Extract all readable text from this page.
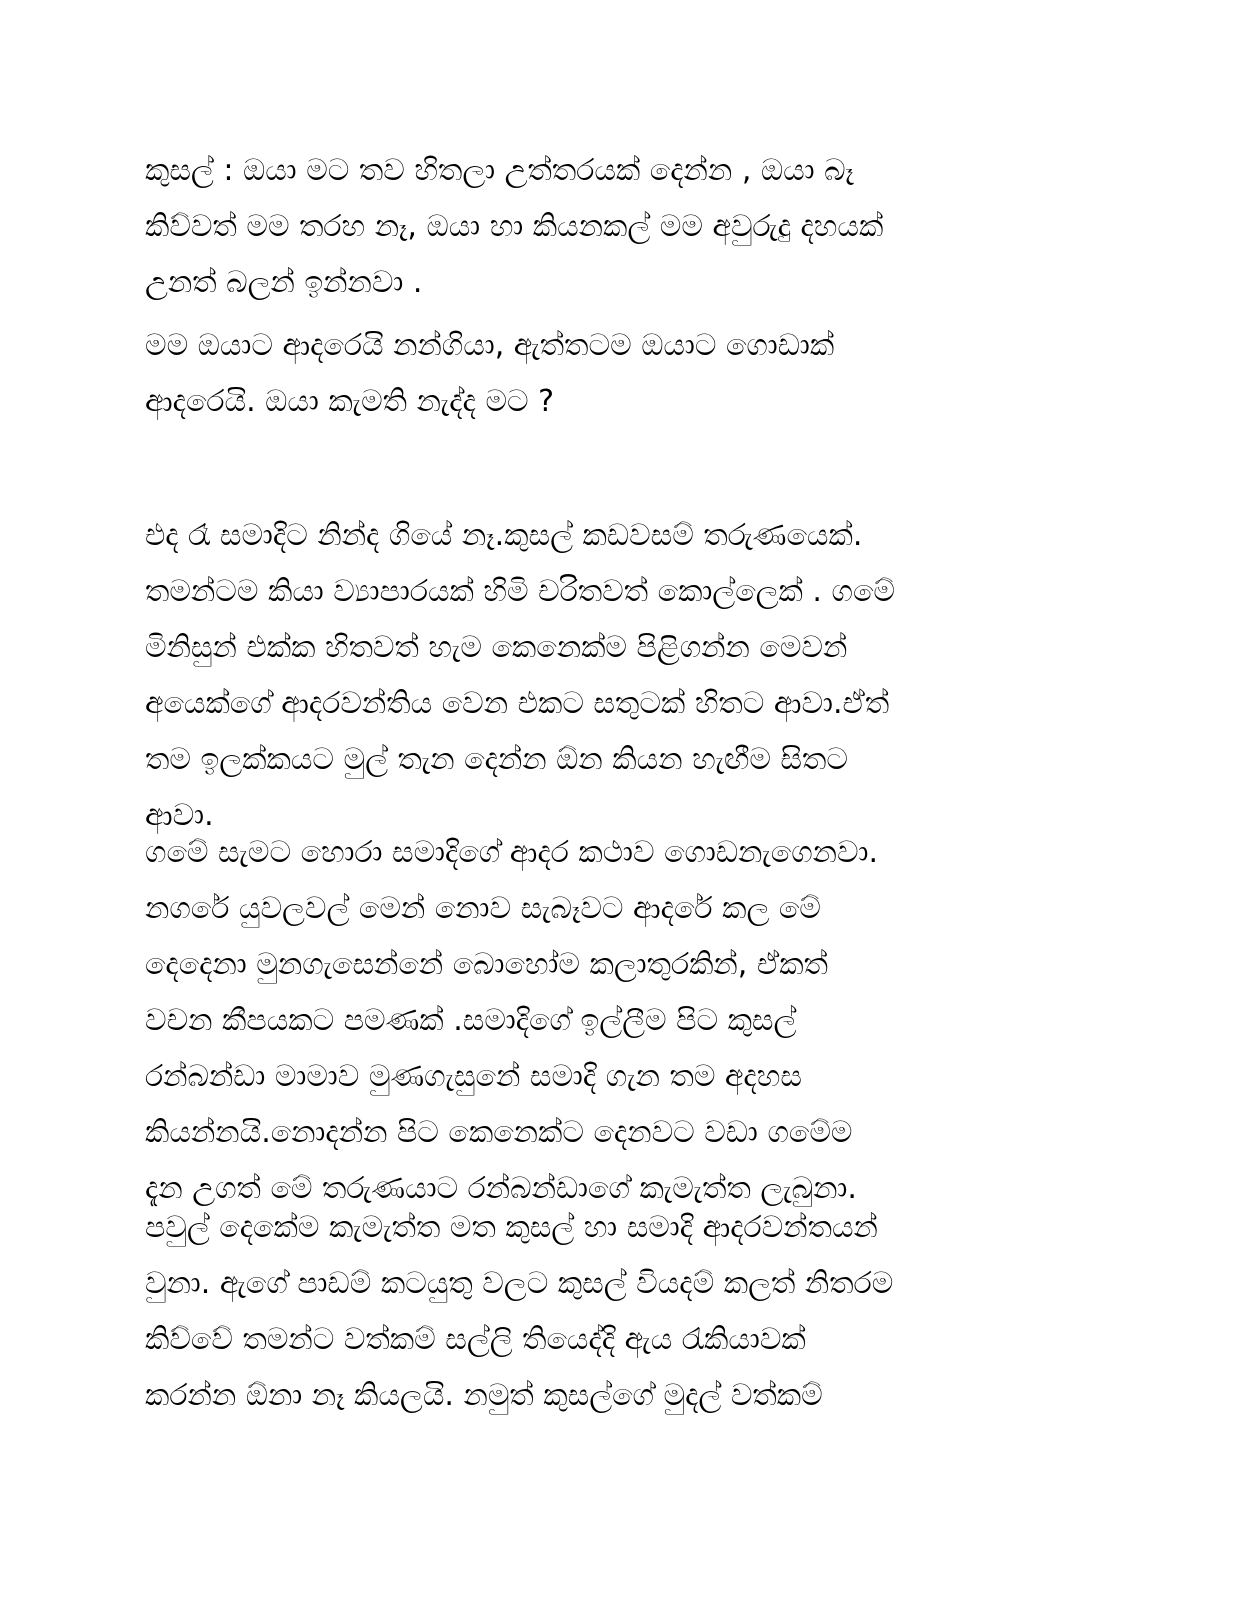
කුසල් : ඔයා මට තව හිතලා උත්තරයක් දෙන්න , ඔයා බෑ
කිව්වත් මම තරහ නෑ, ඔයා හා කියනකල් මම අවුරුදු දහයක්
උනත් බලන් ඉන්නවා .
මම ඔයාට ආදරෙයි නන්ගියා, ඇත්තටම ඔයාට ගොඩාක්
ආදරෙයි. ඔයා කැමති නැද්ද මට ?
එද රෑ සමාදිට නින්ද ගියේ නෑ.කුසල් කඩවසම් තරුණයෙක්.
තමන්ටම කියා ව්‍යාපාරයක් හිමි චරිතවත් කොල්ලෙක් . ගමේ
මිනිසුන් එක්ක හිතවත් හැම කෙනෙක්ම පිළිගන්න මෙවන්
අයෙක්ගේ ආදරවන්තිය වෙන එකට සතුටක් හිතට ආවා.ඒත්
තම ඉලක්කයට මුල් තැන දෙන්න ඕන කියන හැඟීම සිතට
ආවා.
ගමේ සැමට හොරා සමාදිගේ ආදර කථාව ගොඩනැගෙනවා.
නගරේ යුවලවල් මෙන් නොව සැබෑවට ආදරේ කල මේ
දෙදෙනා මුනගැසෙන්නේ බොහෝම කලාතුරකින්, ඒකත්
වචන කීපයකට පමණක් .සමාදිගේ ඉල්ලීම පිට කුසල්
රන්බන්ඩා මාමාව මුණගැසුනේ සමාදි ගැන තම අදහස
කියන්නයි.නොදන්න පිට කෙනෙක්ට දෙනවට වඩා ගමේම
දැන උගත් මේ තරුණයාට රන්බන්ඩාගේ කැමැත්ත ලැබුනා.
පවුල් දෙකේම කැමැත්ත මත කුසල් හා සමාදි ආදරවන්තයන්
වුනා. ඇගේ පාඩම් කටයුතු වලට කුසල් වියදම් කලත් නිතරම
කිව්වේ තමන්ට වත්කම් සල්ලි තියෙද්දි ඇය රැකියාවක්
කරන්න ඕනා නෑ කියලයි. නමුත් කුසල්ගේ මුදල් වත්කම්
